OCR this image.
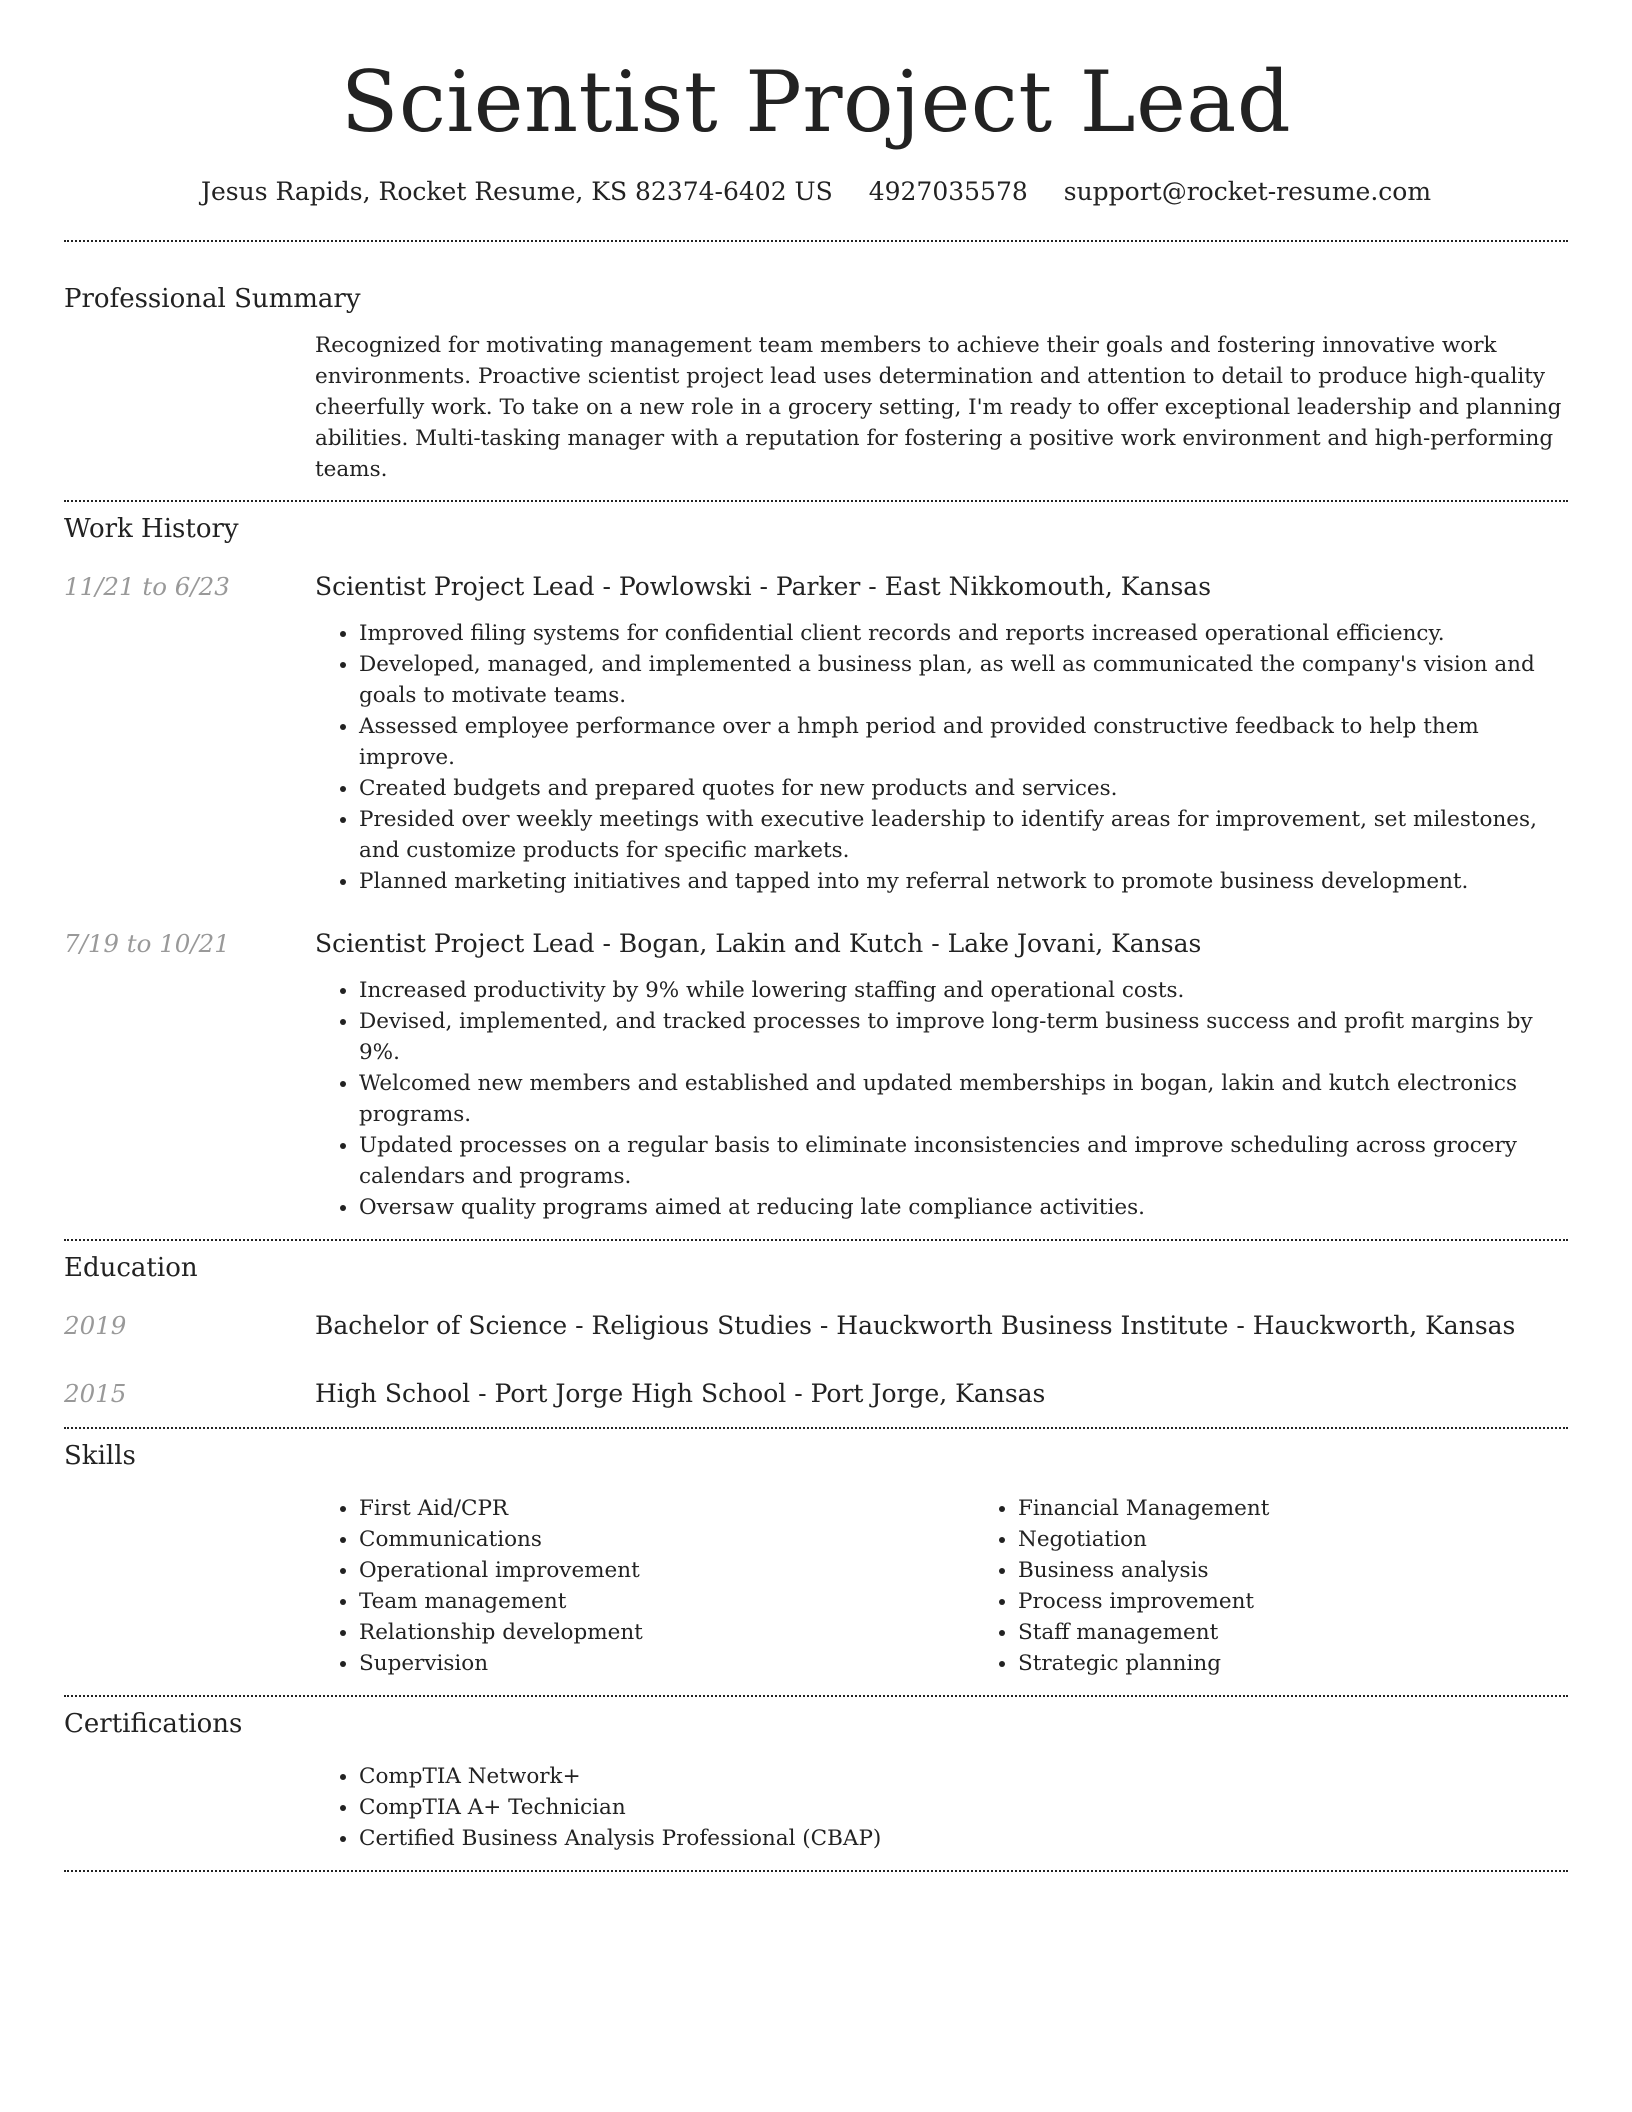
Scientist Project Lead
Jesus Rapids, Rocket Resume, KS 82374-6402 US 4927035578 support@rocket-resume.com
Professional Summary
Recognized for motivating management team members to achieve their goals and fostering innovative work environments. Proactive scientist project lead uses determination and attention to detail to produce high-quality cheerfully work. To take on a new role in a grocery setting, I'm ready to offer exceptional leadership and planning abilities. Multi-tasking manager with a reputation for fostering a positive work environment and high-performing teams.
Work History
11/21 to 6/23	Scientist Project Lead - Powlowski - Parker - East Nikkomouth, Kansas
• Improved filing systems for confidential client records and reports increased operational efficiency.
• Developed, managed, and implemented a business plan, as well as communicated the company's vision and goals to motivate teams.
• Assessed employee performance over a hmph period and provided constructive feedback to help them improve.
• Created budgets and prepared quotes for new products and services.
• Presided over weekly meetings with executive leadership to identify areas for improvement, set milestones, and customize products for specific markets.
• Planned marketing initiatives and tapped into my referral network to promote business development.
7/19 to 10/21	Scientist Project Lead - Bogan, Lakin and Kutch - Lake Jovani, Kansas
• Increased productivity by 9% while lowering staffing and operational costs.
• Devised, implemented, and tracked processes to improve long-term business success and profit margins by 9%.
• Welcomed new members and established and updated memberships in bogan, lakin and kutch electronics programs.
• Updated processes on a regular basis to eliminate inconsistencies and improve scheduling across grocery calendars and programs.
• Oversaw quality programs aimed at reducing late compliance activities.
Education
2019	Bachelor of Science - Religious Studies - Hauckworth Business Institute - Hauckworth, Kansas
2015	High School - Port Jorge High School - Port Jorge, Kansas
Skills
• First Aid/CPR
• Communications
• Operational improvement
• Team management
• Relationship development
• Supervision
• Financial Management
• Negotiation
• Business analysis
• Process improvement
• Staff management
• Strategic planning
Certifications
• CompTIA Network+
• CompTIA A+ Technician
• Certified Business Analysis Professional (CBAP)
